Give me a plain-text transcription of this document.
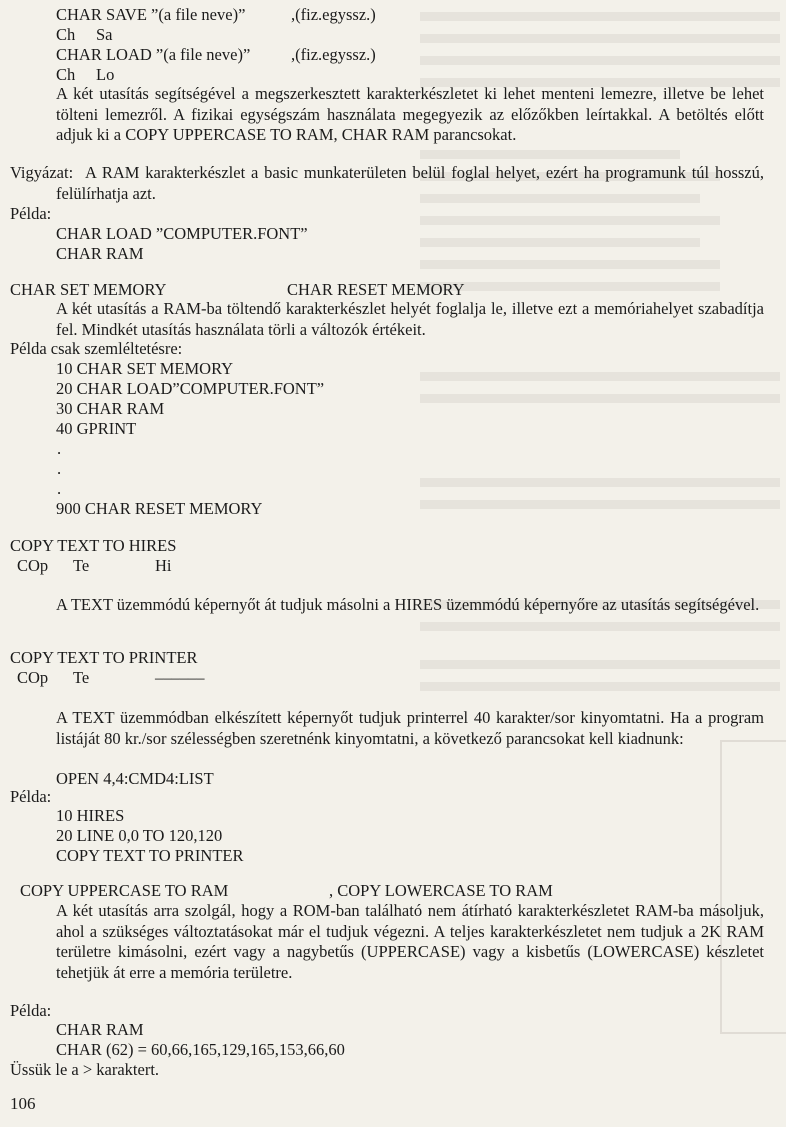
CHAR SAVE ”(a file neve)”	,(fiz.egyssz.)
Ch Sa
CHAR LOAD ”(a file neve)” ,(fiz.egyssz.)
Ch Lo
A két utasítás segítségével a megszerkesztett karakterkészletet ki lehet menteni lemezre, illetve be lehet tölteni lemezről. A fizikai egységszám használata megegyezik az előzőkben leírtakkal. A betöltés előtt adjuk ki a COPY UPPERCASE TO RAM, CHAR RAM parancsokat.
Vigyázat: A RAM karakterkészlet a basic munkaterületen belül foglal helyet, ezért ha programunk túl hosszú, felülírhatja azt.
Példa:
CHAR LOAD ”COMPUTER.FONT”
CHAR RAM
CHAR SET MEMORY	CHAR RESET MEMORY
A két utasítás a RAM-ba töltendő karakterkészlet helyét foglalja le, illetve ezt a memóriahelyet szabadítja fel. Mindkét utasítás használata törli a változók értékeit.
Példa csak szemléltetésre:
10 CHAR SET MEMORY
20 CHAR LOAD”COMPUTER.FONT”
30 CHAR RAM
40 GPRINT
.
.
.
900 CHAR RESET MEMORY
COPY TEXT TO HIRES
COp Te	Hi
A TEXT üzemmódú képernyőt át tudjuk másolni a HIRES üzemmódú képernyőre az utasítás segítségével.
COPY TEXT TO PRINTER
COp Te	––––––
A TEXT üzemmódban elkészített képernyőt tudjuk printerrel 40 karakter/sor kinyomtatni. Ha a program listáját 80 kr./sor szélességben szeretnénk kinyomtatni, a következő parancsokat kell kiadnunk:
OPEN 4,4:CMD4:LIST
Példa:
10 HIRES
20 LINE 0,0 TO 120,120
COPY TEXT TO PRINTER
COPY UPPERCASE TO RAM	, COPY LOWERCASE TO RAM
A két utasítás arra szolgál, hogy a ROM-ban található nem átírható karakterkészletet RAM-ba másoljuk, ahol a szükséges változtatásokat már el tudjuk végezni. A teljes karakterkészletet nem tudjuk a 2K RAM területre kimásolni, ezért vagy a nagybetűs (UPPERCASE) vagy a kisbetűs (LOWERCASE) készletet tehetjük át erre a memória területre.
Példa:
CHAR RAM
CHAR (62) = 60,66,165,129,165,153,66,60
Üssük le a > karaktert.
106
